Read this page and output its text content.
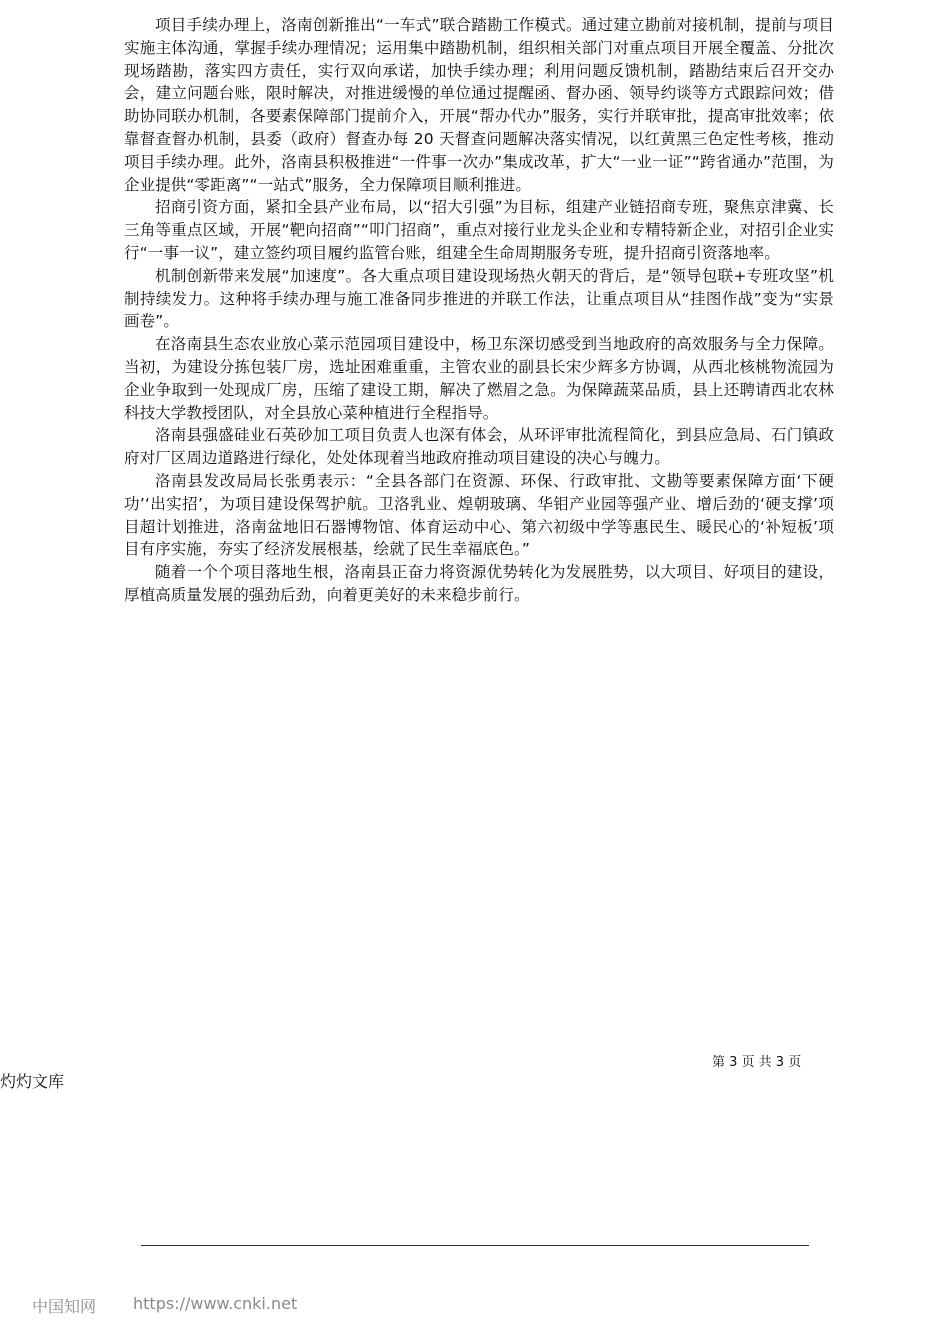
项目手续办理上，洛南创新推出“一车式”联合踏勘工作模式。通过建立勘前对接机制，提前与项目实施主体沟通，掌握手续办理情况；运用集中踏勘机制，组织相关部门对重点项目开展全覆盖、分批次现场踏勘，落实四方责任，实行双向承诺，加快手续办理；利用问题反馈机制，踏勘结束后召开交办会，建立问题台账，限时解决，对推进缓慢的单位通过提醒函、督办函、领导约谈等方式跟踪问效；借助协同联办机制，各要素保障部门提前介入，开展“帮办代办”服务，实行并联审批，提高审批效率；依靠督查督办机制，县委（政府）督查办每 20 天督查问题解决落实情况，以红黄黑三色定性考核，推动项目手续办理。此外，洛南县积极推进“一件事一次办”集成改革，扩大“一业一证”“跨省通办”范围，为企业提供“零距离”“一站式”服务，全力保障项目顺利推进。

招商引资方面，紧扣全县产业布局，以“招大引强”为目标，组建产业链招商专班，聚焦京津冀、长三角等重点区域，开展“靶向招商”“叩门招商”，重点对接行业龙头企业和专精特新企业，对招引企业实行“一事一议”，建立签约项目履约监管台账，组建全生命周期服务专班，提升招商引资落地率。

机制创新带来发展“加速度”。各大重点项目建设现场热火朝天的背后，是“领导包联+专班攻坚”机制持续发力。这种将手续办理与施工准备同步推进的并联工作法，让重点项目从“挂图作战”变为“实景画卷”。

在洛南县生态农业放心菜示范园项目建设中，杨卫东深切感受到当地政府的高效服务与全力保障。当初，为建设分拣包装厂房，选址困难重重，主管农业的副县长宋少辉多方协调，从西北核桃物流园为企业争取到一处现成厂房，压缩了建设工期，解决了燃眉之急。为保障蔬菜品质，县上还聘请西北农林科技大学教授团队，对全县放心菜种植进行全程指导。

洛南县强盛硅业石英砂加工项目负责人也深有体会，从环评审批流程简化，到县应急局、石门镇政府对厂区周边道路进行绿化，处处体现着当地政府推动项目建设的决心与魄力。

洛南县发改局局长张勇表示：“全县各部门在资源、环保、行政审批、文勘等要素保障方面‘下硬功’‘出实招’，为项目建设保驾护航。卫洛乳业、煌朝玻璃、华钼产业园等强产业、增后劲的‘硬支撑’项目超计划推进，洛南盆地旧石器博物馆、体育运动中心、第六初级中学等惠民生、暖民心的‘补短板’项目有序实施，夯实了经济发展根基，绘就了民生幸福底色。”

随着一个个项目落地生根，洛南县正奋力将资源优势转化为发展胜势，以大项目、好项目的建设，厚植高质量发展的强劲后劲，向着更美好的未来稳步前行。

第 3 页 共 3 页
灼灼文库
中国知网 https://www.cnki.net
